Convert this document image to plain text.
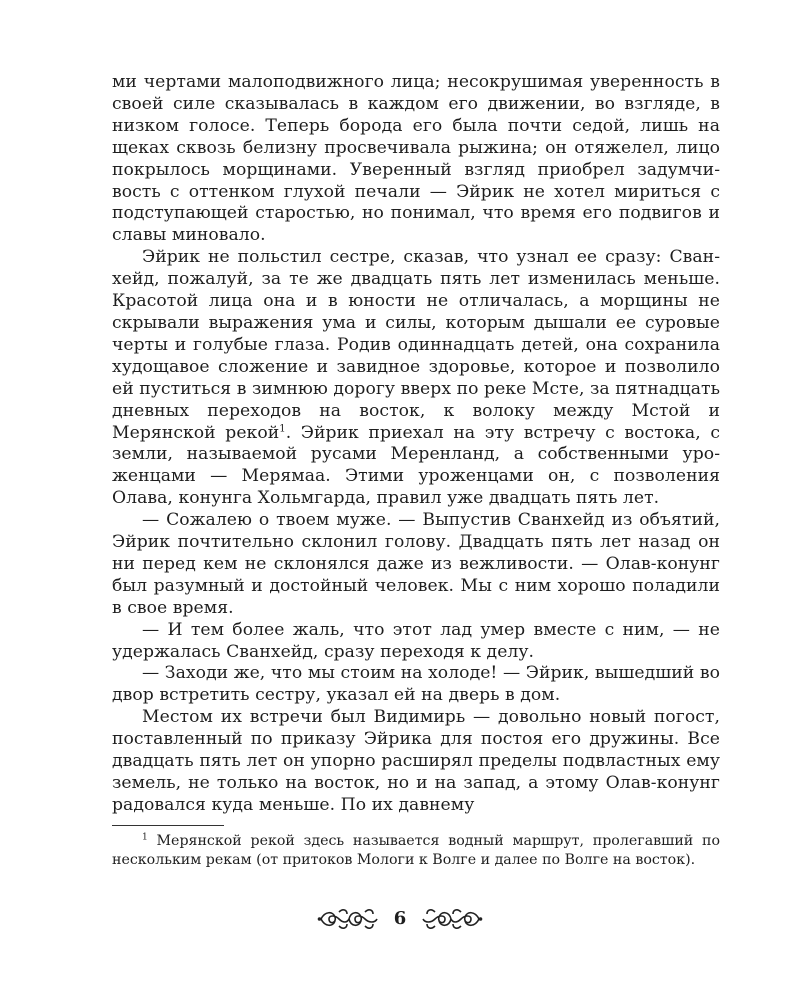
ми чертами малоподвижного лица; несокрушимая уверенность в своей силе сказывалась в каждом его движении, во взгляде, в низком голосе. Теперь борода его была почти седой, лишь на щеках сквозь белизну просвечивала рыжина; он отяжелел, лицо покрылось морщинами. Уверенный взгляд приобрел задумчивость с оттенком глухой печали — Эйрик не хотел мириться с подступающей старостью, но понимал, что время его подвигов и славы миновало.

Эйрик не польстил сестре, сказав, что узнал ее сразу: Сванхейд, пожалуй, за те же двадцать пять лет изменилась меньше. Красотой лица она и в юности не отличалась, а морщины не скрывали выражения ума и силы, которым дышали ее суровые черты и голубые глаза. Родив одиннадцать детей, она сохранила худощавое сложение и завидное здоровье, которое и позволило ей пуститься в зимнюю дорогу вверх по реке Мсте, за пятнадцать дневных переходов на восток, к волоку между Мстой и Мерянской рекой$^1$. Эйрик приехал на эту встречу с востока, с земли, называемой русами Меренланд, а собственными уроженцами — Мерямаа. Этими уроженцами он, с позволения Олава, конунга Хольмгарда, правил уже двадцать пять лет.

— Сожалею о твоем муже. — Выпустив Сванхейд из объятий, Эйрик почтительно склонил голову. Двадцать пять лет назад он ни перед кем не склонялся даже из вежливости. — Олав-конунг был разумный и достойный человек. Мы с ним хорошо поладили в свое время.

— И тем более жаль, что этот лад умер вместе с ним, — не удержалась Сванхейд, сразу переходя к делу.

— Заходи же, что мы стоим на холоде! — Эйрик, вышедший во двор встретить сестру, указал ей на дверь в дом.

Местом их встречи был Видимирь — довольно новый погост, поставленный по приказу Эйрика для постоя его дружины. Все двадцать пять лет он упорно расширял пределы подвластных ему земель, не только на восток, но и на запад, а этому Олав-конунг радовался куда меньше. По их давнему

$^1$ Мерянской рекой здесь называется водный маршрут, пролегавший по нескольким рекам (от притоков Мологи к Волге и далее по Волге на восток).
6
